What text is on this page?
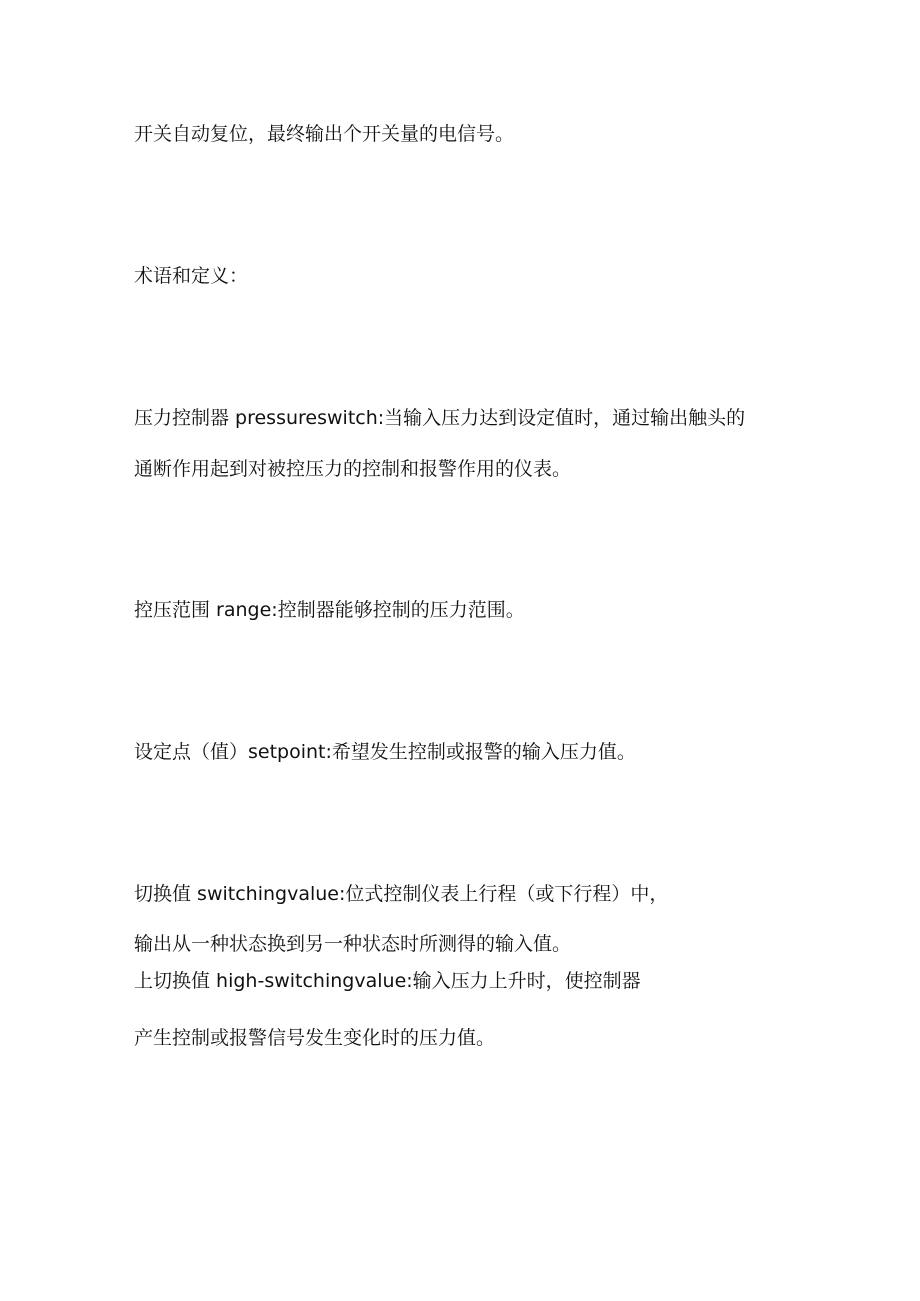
开关自动复位，最终输出个开关量的电信号。
术语和定义：
压力控制器 pressureswitch:当输入压力达到设定值时，通过输出触头的
通断作用起到对被控压力的控制和报警作用的仪表。
控压范围 range:控制器能够控制的压力范围。
设定点（值）setpoint:希望发生控制或报警的输入压力值。
切换值 switchingvalue:位式控制仪表上行程（或下行程）中，
输出从一种状态换到另一种状态时所测得的输入值。
上切换值 high-switchingvalue:输入压力上升时，使控制器
产生控制或报警信号发生变化时的压力值。
